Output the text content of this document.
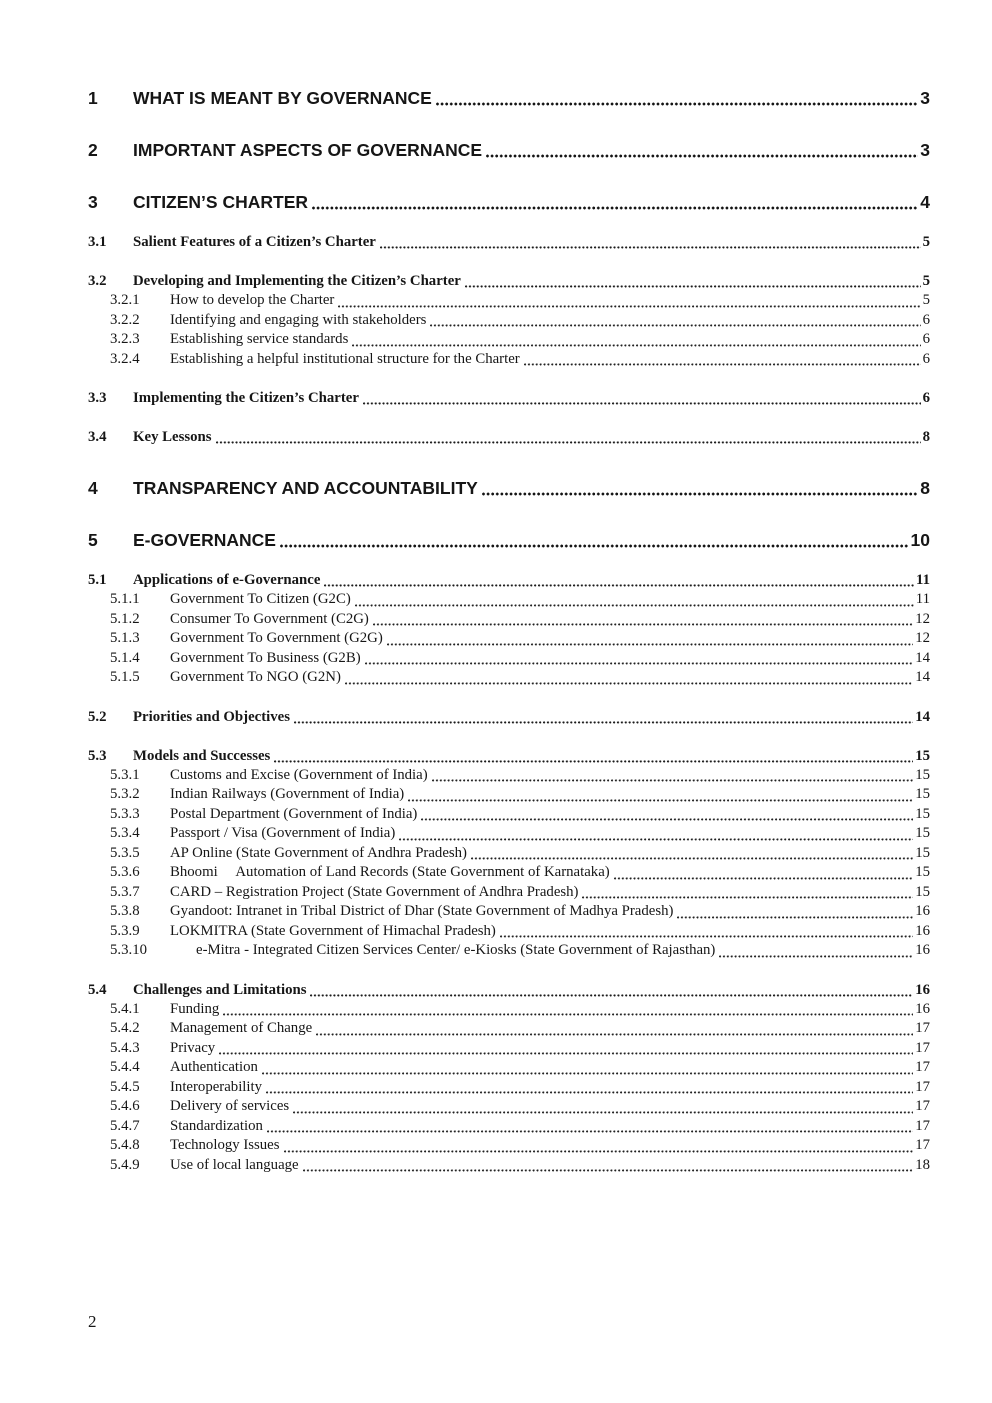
1	WHAT IS MEANT BY GOVERNANCE	3
2	IMPORTANT ASPECTS OF GOVERNANCE	3
3	CITIZEN’S CHARTER	4
3.1	Salient Features of a Citizen’s Charter	5
3.2	Developing and Implementing the Citizen’s Charter	5
3.2.1	How to develop the Charter	5
3.2.2	Identifying and engaging with stakeholders	6
3.2.3	Establishing service standards	6
3.2.4	Establishing a helpful institutional structure for the Charter	6
3.3	Implementing the Citizen’s Charter	6
3.4	Key Lessons	8
4	TRANSPARENCY AND ACCOUNTABILITY	8
5	E-GOVERNANCE	10
5.1	Applications of e-Governance	11
5.1.1	Government To Citizen (G2C)	11
5.1.2	Consumer To Government (C2G)	12
5.1.3	Government To Government (G2G)	12
5.1.4	Government To Business (G2B)	14
5.1.5	Government To NGO (G2N)	14
5.2	Priorities and Objectives	14
5.3	Models and Successes	15
5.3.1	Customs and Excise (Government of India)	15
5.3.2	Indian Railways (Government of India)	15
5.3.3	Postal Department (Government of India)	15
5.3.4	Passport / Visa (Government of India)	15
5.3.5	AP Online (State Government of Andhra Pradesh)	15
5.3.6	Bhoomi     Automation of Land Records (State Government of Karnataka)	15
5.3.7	CARD – Registration Project (State Government of Andhra Pradesh)	15
5.3.8	Gyandoot: Intranet in Tribal District of Dhar (State Government of Madhya Pradesh)	16
5.3.9	LOKMITRA (State Government of Himachal Pradesh)	16
5.3.10	e-Mitra - Integrated Citizen Services Center/ e-Kiosks (State Government of Rajasthan)	16
5.4	Challenges and Limitations	16
5.4.1	Funding	16
5.4.2	Management of Change	17
5.4.3	Privacy	17
5.4.4	Authentication	17
5.4.5	Interoperability	17
5.4.6	Delivery of services	17
5.4.7	Standardization	17
5.4.8	Technology Issues	17
5.4.9	Use of local language	18
2
